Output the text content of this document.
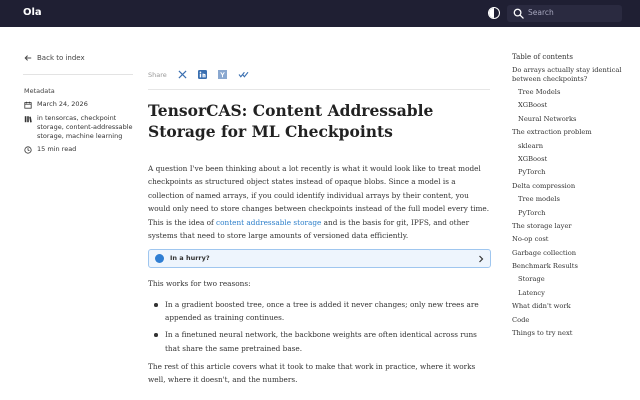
Ola	Search
Back to index
Metadata
March 24, 2026
in tensorcas, checkpoint storage, content-addressable storage, machine learning
15 min read
Share
TensorCAS: Content Addressable Storage for ML Checkpoints

A question I've been thinking about a lot recently is what it would look like to treat model checkpoints as structured object states instead of opaque blobs. Since a model is a collection of named arrays, if you could identify individual arrays by their content, you would only need to store changes between checkpoints instead of the full model every time. This is the idea of content addressable storage and is the basis for git, IPFS, and other systems that need to store large amounts of versioned data efficiently.

In a hurry?

This works for two reasons:

In a gradient boosted tree, once a tree is added it never changes; only new trees are appended as training continues.
In a finetuned neural network, the backbone weights are often identical across runs that share the same pretrained base.

The rest of this article covers what it took to make that work in practice, where it works well, where it doesn't, and the numbers.

Table of contents
Do arrays actually stay identical between checkpoints?
Tree Models
XGBoost
Neural Networks
The extraction problem
sklearn
XGBoost
PyTorch
Delta compression
Tree models
PyTorch
The storage layer
No-op cost
Garbage collection
Benchmark Results
Storage
Latency
What didn't work
Code
Things to try next
